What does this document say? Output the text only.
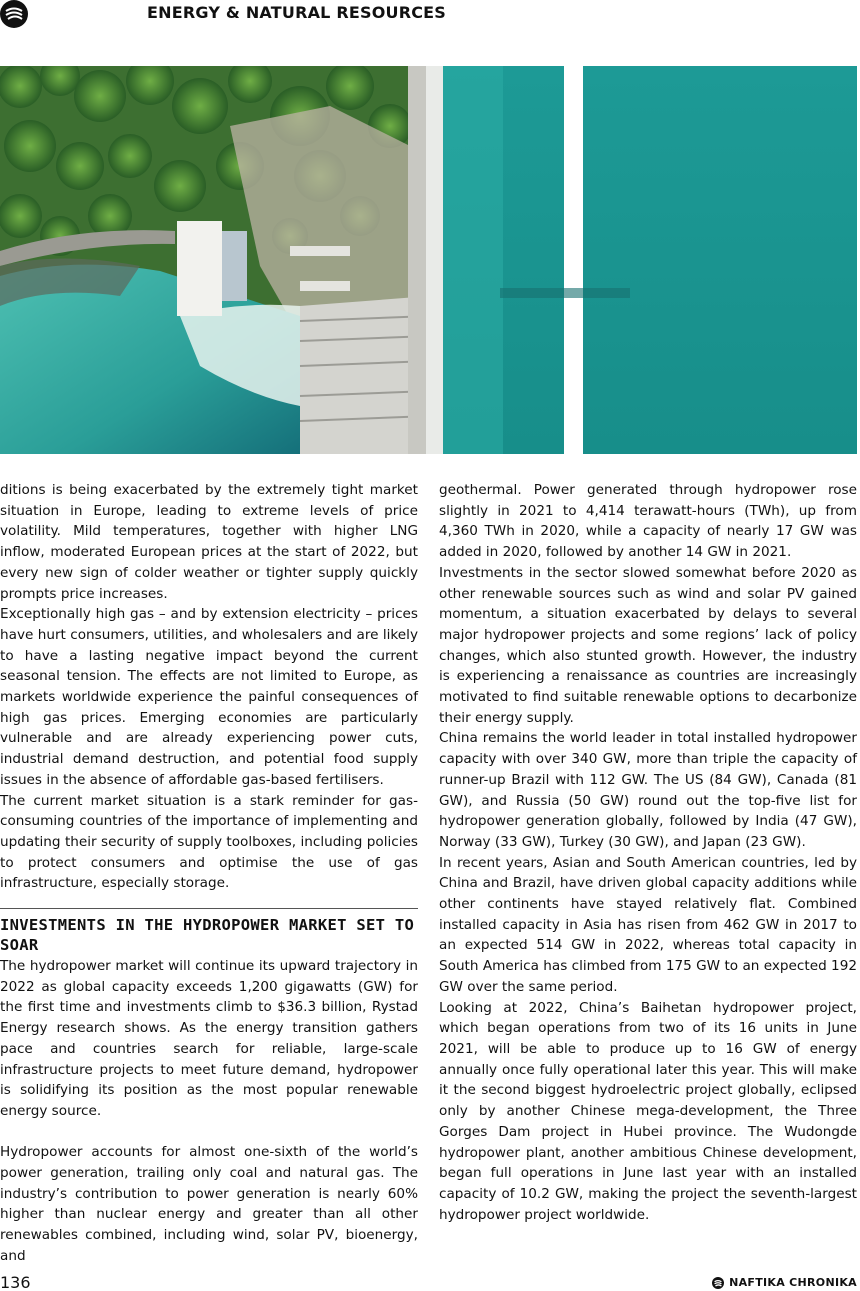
ENERGY & NATURAL RESOURCES

ditions is being exacerbated by the extremely tight market situation in Europe, leading to extreme levels of price volatility. Mild temperatures, together with higher LNG inflow, moderated European prices at the start of 2022, but every new sign of colder weather or tighter supply quickly prompts price increases.

Exceptionally high gas – and by extension electricity – prices have hurt consumers, utilities, and wholesalers and are likely to have a lasting negative impact beyond the current seasonal tension. The effects are not limited to Europe, as markets worldwide experience the painful consequences of high gas prices. Emerging economies are particularly vulnerable and are already experiencing power cuts, industrial demand destruction, and potential food supply issues in the absence of affordable gas-based fertilisers.

The current market situation is a stark reminder for gas-consuming countries of the importance of implementing and updating their security of supply toolboxes, including policies to protect consumers and optimise the use of gas infrastructure, especially storage.

INVESTMENTS IN THE HYDROPOWER MARKET SET TO SOAR

The hydropower market will continue its upward trajectory in 2022 as global capacity exceeds 1,200 gigawatts (GW) for the first time and investments climb to $36.3 billion, Rystad Energy research shows. As the energy transition gathers pace and countries search for reliable, large-scale infrastructure projects to meet future demand, hydropower is solidifying its position as the most popular renewable energy source.

Hydropower accounts for almost one-sixth of the world’s power generation, trailing only coal and natural gas. The industry’s contribution to power generation is nearly 60% higher than nuclear energy and greater than all other renewables combined, including wind, solar PV, bioenergy, and

geothermal. Power generated through hydropower rose slightly in 2021 to 4,414 terawatt-hours (TWh), up from 4,360 TWh in 2020, while a capacity of nearly 17 GW was added in 2020, followed by another 14 GW in 2021.

Investments in the sector slowed somewhat before 2020 as other renewable sources such as wind and solar PV gained momentum, a situation exacerbated by delays to several major hydropower projects and some regions’ lack of policy changes, which also stunted growth. However, the industry is experiencing a renaissance as countries are increasingly motivated to find suitable renewable options to decarbonize their energy supply.

China remains the world leader in total installed hydropower capacity with over 340 GW, more than triple the capacity of runner-up Brazil with 112 GW. The US (84 GW), Canada (81 GW), and Russia (50 GW) round out the top-five list for hydropower generation globally, followed by India (47 GW), Norway (33 GW), Turkey (30 GW), and Japan (23 GW).

In recent years, Asian and South American countries, led by China and Brazil, have driven global capacity additions while other continents have stayed relatively flat. Combined installed capacity in Asia has risen from 462 GW in 2017 to an expected 514 GW in 2022, whereas total capacity in South America has climbed from 175 GW to an expected 192 GW over the same period.

Looking at 2022, China’s Baihetan hydropower project, which began operations from two of its 16 units in June 2021, will be able to produce up to 16 GW of energy annually once fully operational later this year. This will make it the second biggest hydroelectric project globally, eclipsed only by another Chinese mega-development, the Three Gorges Dam project in Hubei province. The Wudongde hydropower plant, another ambitious Chinese development, began full operations in June last year with an installed capacity of 10.2 GW, making the project the seventh-largest hydropower project worldwide.

136	NAFTIKA CHRONIKA
